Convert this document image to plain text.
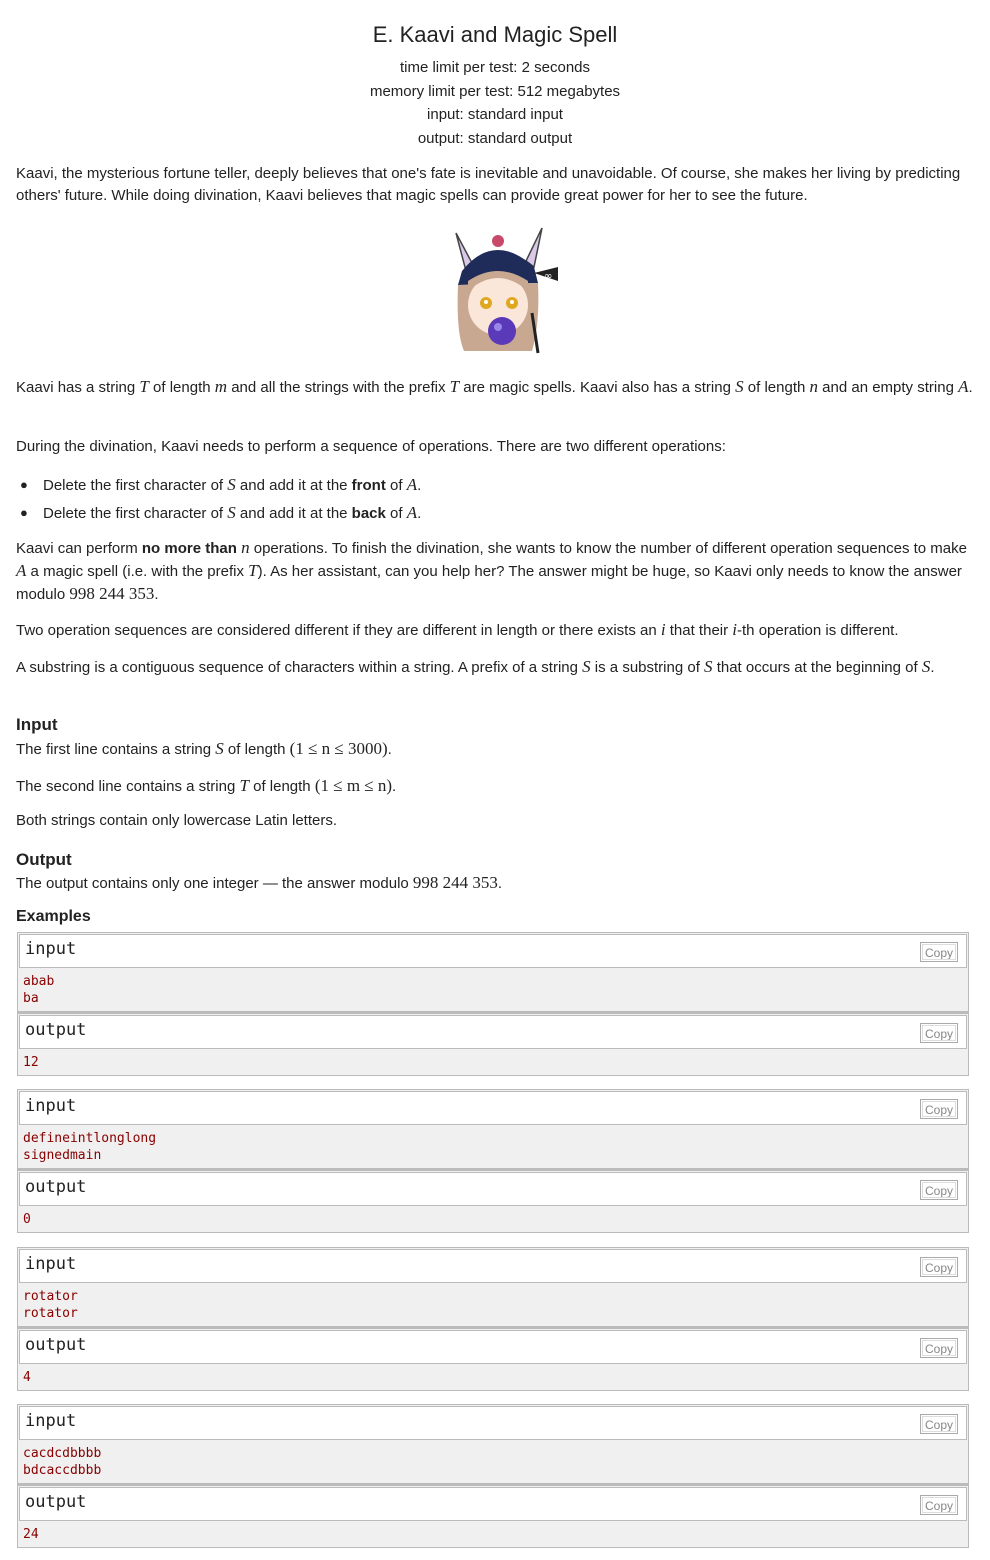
E. Kaavi and Magic Spell
time limit per test: 2 seconds
memory limit per test: 512 megabytes
input: standard input
output: standard output

Kaavi, the mysterious fortune teller, deeply believes that one's fate is inevitable and unavoidable. Of course, she makes her living by predicting others' future. While doing divination, Kaavi believes that magic spells can provide great power for her to see the future.

∞

Kaavi has a string T of length m and all the strings with the prefix T are magic spells. Kaavi also has a string S of length n and an empty string A.

During the divination, Kaavi needs to perform a sequence of operations. There are two different operations:

● Delete the first character of S and add it at the front of A.
● Delete the first character of S and add it at the back of A.

Kaavi can perform no more than n operations. To finish the divination, she wants to know the number of different operation sequences to make A a magic spell (i.e. with the prefix T). As her assistant, can you help her? The answer might be huge, so Kaavi only needs to know the answer modulo 998 244 353.

Two operation sequences are considered different if they are different in length or there exists an i that their i-th operation is different.

A substring is a contiguous sequence of characters within a string. A prefix of a string S is a substring of S that occurs at the beginning of S.

Input

The first line contains a string S of length (1 ≤ n ≤ 3000).

The second line contains a string T of length (1 ≤ m ≤ n).

Both strings contain only lowercase Latin letters.

Output

The output contains only one integer — the answer modulo 998 244 353.

Examples
input	Copy
abab
ba
output	Copy
12
input	Copy
defineintlonglong
signedmain
output	Copy
0
input	Copy
rotator
rotator
output	Copy
4
input	Copy
cacdcdbbbb
bdcaccdbbb
output	Copy
24
